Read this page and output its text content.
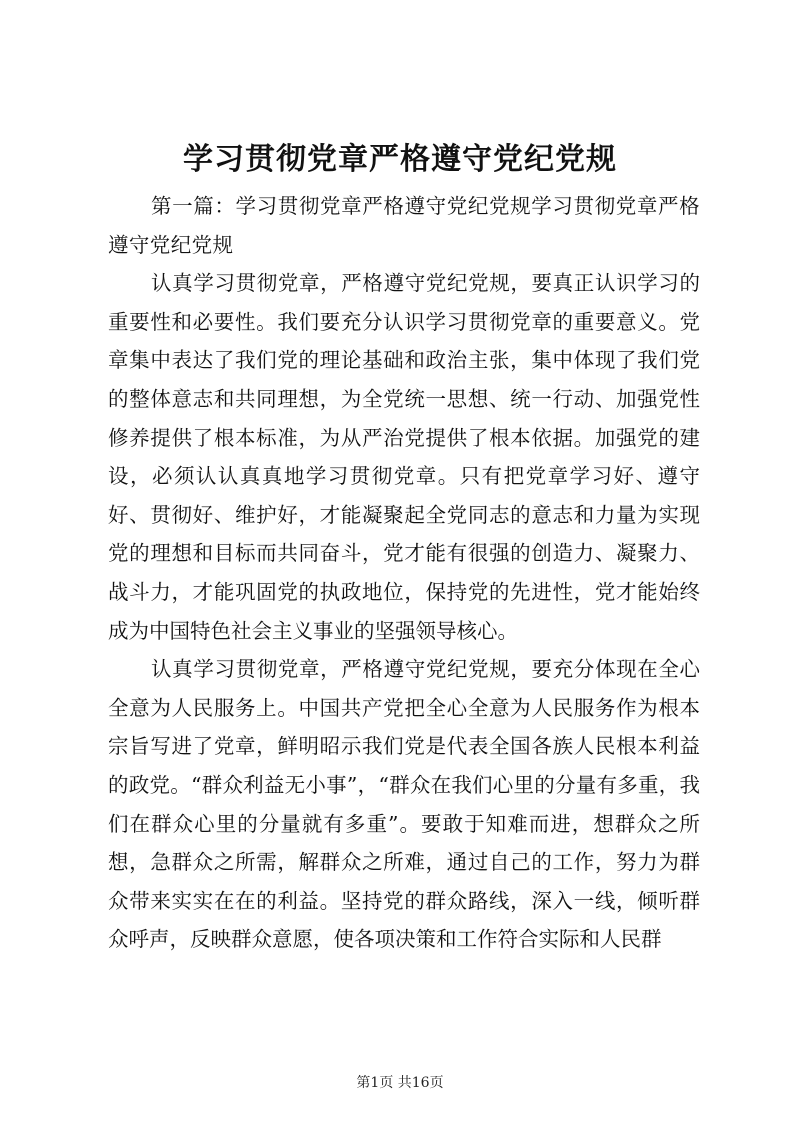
学习贯彻党章严格遵守党纪党规

第一篇：学习贯彻党章严格遵守党纪党规学习贯彻党章严格遵守党纪党规

认真学习贯彻党章，严格遵守党纪党规，要真正认识学习的重要性和必要性。我们要充分认识学习贯彻党章的重要意义。党章集中表达了我们党的理论基础和政治主张，集中体现了我们党的整体意志和共同理想，为全党统一思想、统一行动、加强党性修养提供了根本标准，为从严治党提供了根本依据。加强党的建设，必须认认真真地学习贯彻党章。只有把党章学习好、遵守好、贯彻好、维护好，才能凝聚起全党同志的意志和力量为实现党的理想和目标而共同奋斗，党才能有很强的创造力、凝聚力、战斗力，才能巩固党的执政地位，保持党的先进性，党才能始终成为中国特色社会主义事业的坚强领导核心。

认真学习贯彻党章，严格遵守党纪党规，要充分体现在全心全意为人民服务上。中国共产党把全心全意为人民服务作为根本宗旨写进了党章，鲜明昭示我们党是代表全国各族人民根本利益的政党。“群众利益无小事”，“群众在我们心里的分量有多重，我们在群众心里的分量就有多重”。要敢于知难而进，想群众之所想，急群众之所需，解群众之所难，通过自己的工作，努力为群众带来实实在在的利益。坚持党的群众路线，深入一线，倾听群众呼声，反映群众意愿，使各项决策和工作符合实际和人民群

第1页 共16页
